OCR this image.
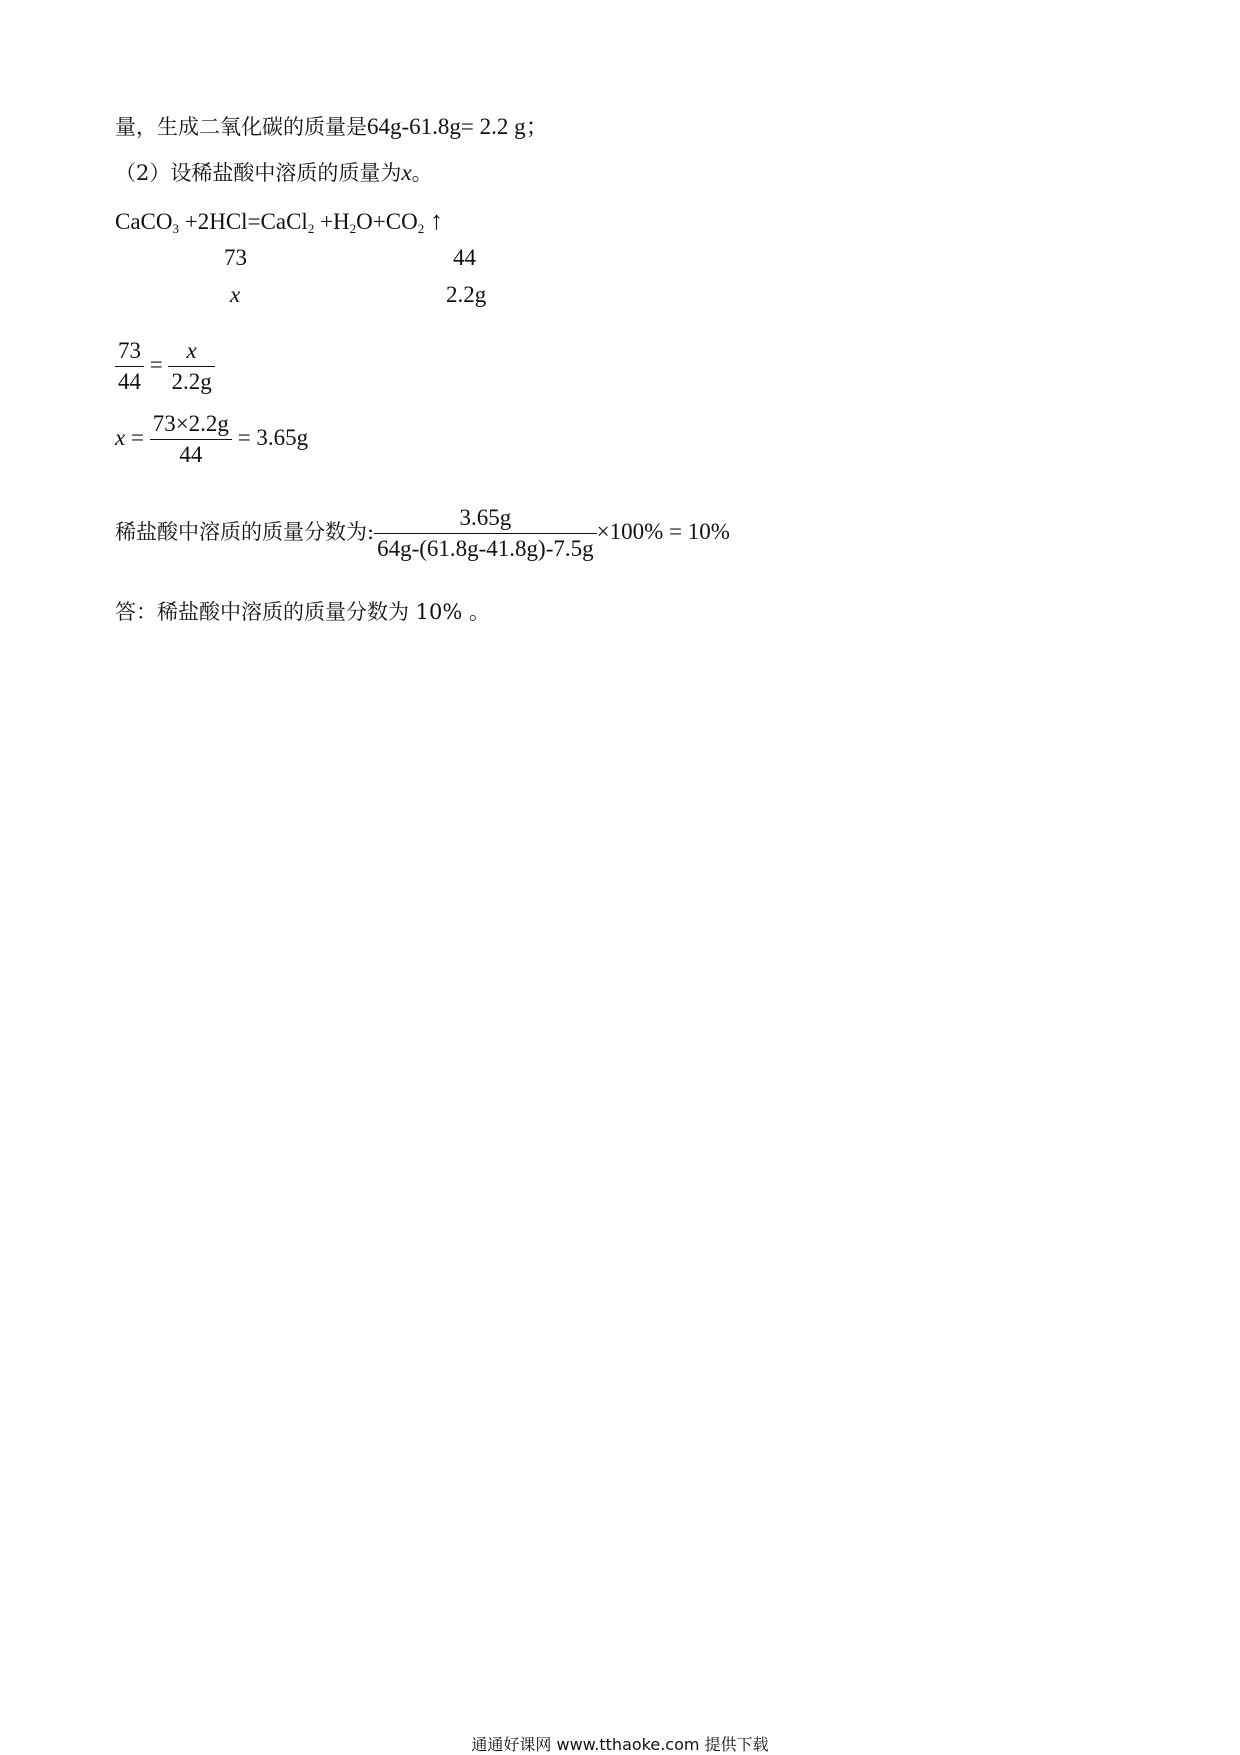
量，生成二氧化碳的质量是64g-61.8g= 2.2 g；
（2）设稀盐酸中溶质的质量为x。
CaCO$_3$ +2HCl=CaCl$_2$ $+H_2O+CO_2$ ↑
73	44
x	2.2g
$\frac{73}{44} = \frac{x}{2.2g}$
$x = \frac{73\times 2.2g}{44} = 3.65g$
稀盐酸中溶质的质量分数为: $\frac{3.65g}{64g-(61.8g-41.8g)-7.5g} \times 100\% = 10\%$
答：稀盐酸中溶质的质量分数为 10% 。
通通好课网 www.tthaoke.com 提供下载
